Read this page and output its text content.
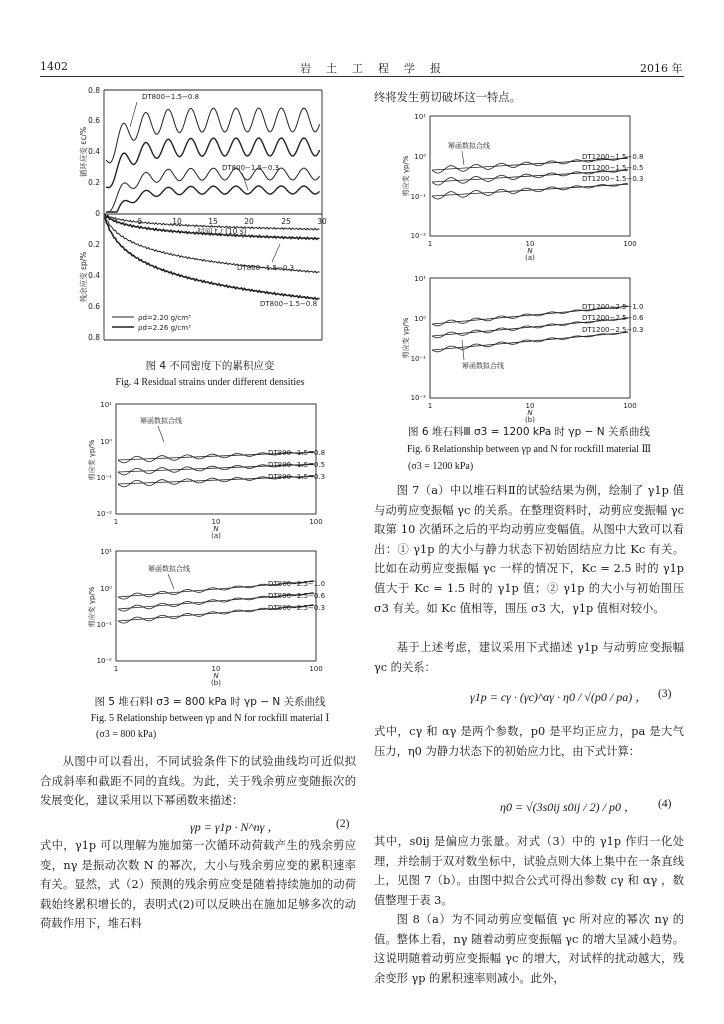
1402	岩　土　工　程　学　报	2016 年
0.8
0.6
0.4
0.2
0
0.2
0.4
0.6
0.8
5	10	15	20	25	30
时间 t / (10 s)
循环应变 εc/%
残余应变 εp/%
DT800−1.5−0.8
DT800−1.5−0.3
DT800−1.5−0.3
DT800−1.5−0.8
ρd=2.20 g/cm³
ρd=2.26 g/cm³
图 4 不同密度下的累积应变
Fig. 4 Residual strains under different densities
10¹
10⁰
10⁻¹
10⁻²
1	10	100
N
(a)
剪应变 γp/%
幂函数拟合线
DT800−1.5−0.8
DT800−1.5−0.5
DT800−1.5−0.3
10¹
10⁰
10⁻¹
10⁻²
1	10	100
N
(b)
剪应变 γp/%
幂函数拟合线
DT800−2.5−1.0
DT800−2.5−0.6
DT800−2.5−0.3
图 5 堆石料Ⅰ σ3 = 800 kPa 时 γp − N 关系曲线
Fig. 5 Relationship between γp and N for rockfill material Ⅰ
(σ3 = 800 kPa)

从图中可以看出，不同试验条件下的试验曲线均可近似拟合成斜率和截距不同的直线。为此，关于残余剪应变随振次的发展变化，建议采用以下幂函数来描述：

γp = γ1p · N^nγ ，	(2)

式中，γ1p 可以理解为施加第一次循环动荷载产生的残余剪应变，nγ 是振动次数 N 的幂次，大小与残余剪应变的累积速率有关。显然，式（2）预测的残余剪应变是随着持续施加的动荷载始终累积增长的，表明式(2)可以反映出在施加足够多次的动荷载作用下，堆石料

终将发生剪切破坏这一特点。
10¹
10⁰
10⁻¹
10⁻²
1	10	100
N
(a)
剪应变 γp/%
幂函数拟合线
DT1200−1.5−0.8
DT1200−1.5−0.5
DT1200−1.5−0.3
10¹
10⁰
10⁻¹
10⁻²
1	10	100
N
(b)
剪应变 γp/%
幂函数拟合线
DT1200−2.5−1.0
DT1200−2.5−0.6
DT1200−2.5−0.3
图 6 堆石料Ⅲ σ3 = 1200 kPa 时 γp − N 关系曲线
Fig. 6 Relationship between γp and N for rockfill material Ⅲ
(σ3 = 1200 kPa)

图 7（a）中以堆石料Ⅱ的试验结果为例，绘制了 γ1p 值与动剪应变振幅 γc 的关系。在整理资料时，动剪应变振幅 γc 取第 10 次循环之后的平均动剪应变幅值。从图中大致可以看出：① γ1p 的大小与静力状态下初始固结应力比 Kc 有关。比如在动剪应变振幅 γc 一样的情况下，Kc = 2.5 时的 γ1p 值大于 Kc = 1.5 时的 γ1p 值；② γ1p 的大小与初始围压 σ3 有关。如 Kc 值相等，围压 σ3 大，γ1p 值相对较小。

基于上述考虑，建议采用下式描述 γ1p 与动剪应变振幅 γc 的关系：

γ1p = cγ · (γc)^αγ · η0 / √(p0 / pa) ， (3)

式中，cγ 和 αγ 是两个参数，p0 是平均正应力，pa 是大气压力，η0 为静力状态下的初始应力比，由下式计算：

η0 = √(3s0ij s0ij / 2) / p0 ， (4)

其中，s0ij 是偏应力张量。对式（3）中的 γ1p 作归一化处理，并绘制于双对数坐标中，试验点则大体上集中在一条直线上，见图 7（b）。由图中拟合公式可得出参数 cγ 和 αγ ，数值整理于表 3。

图 8（a）为不同动剪应变幅值 γc 所对应的幂次 nγ 的值。整体上看，nγ 随着动剪应变振幅 γc 的增大呈减小趋势。这说明随着动剪应变振幅 γc 的增大，对试样的扰动越大，残余变形 γp 的累积速率则减小。此外，
